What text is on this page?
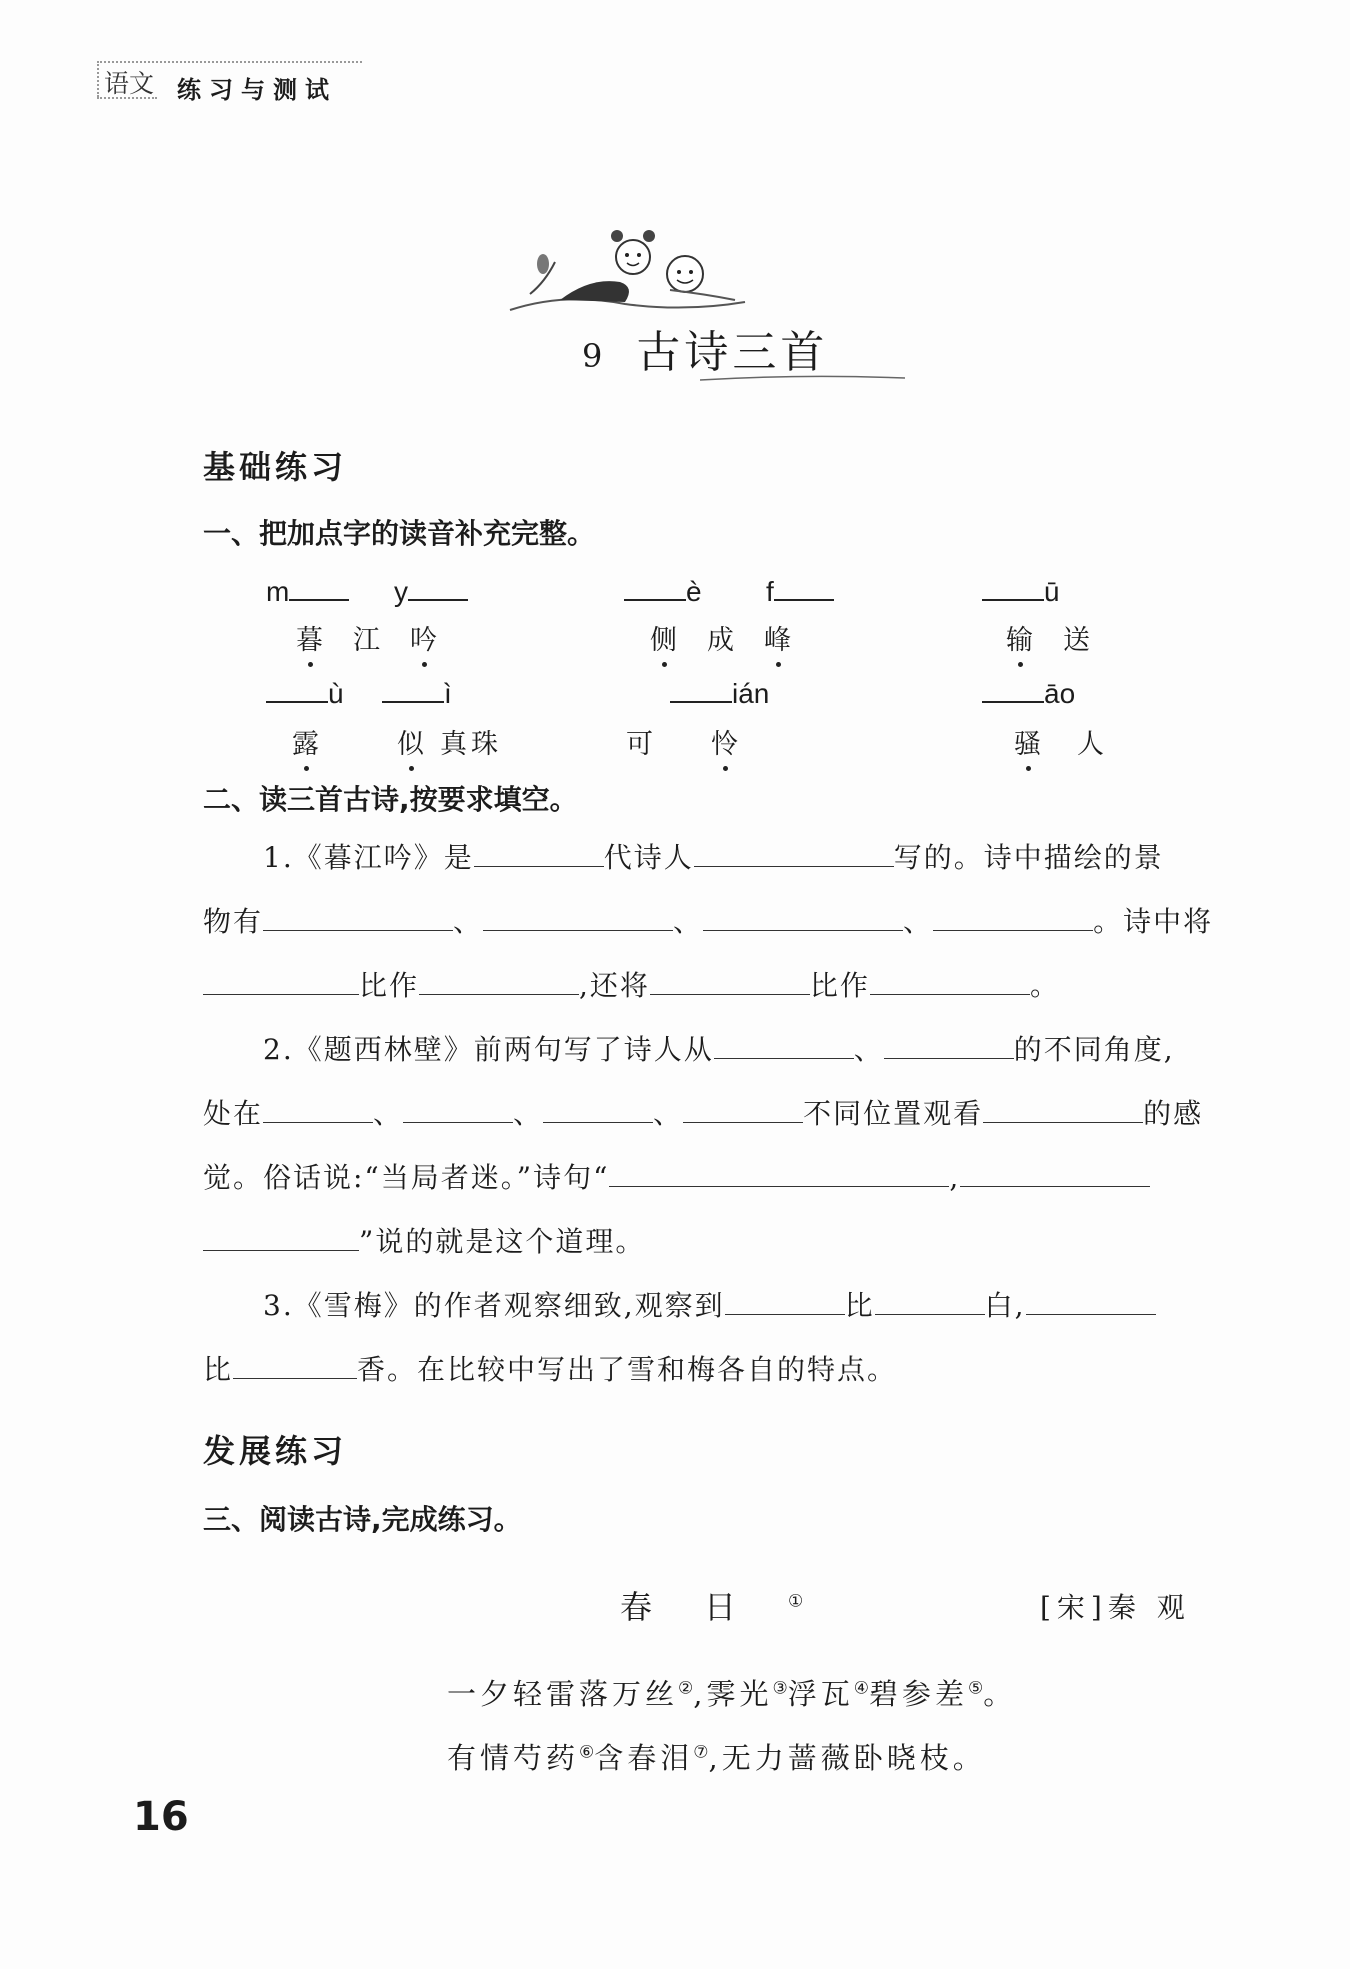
语文 练习与测试
9 古诗三首
基础练习
一、把加点字的读音补充完整。
m	y	è f	ū
暮 江 吟	侧 成 峰	输 送
ù	ì	ián	āo
露	似 真珠	可 怜	骚 人
二、读三首古诗,按要求填空。
1.《暮江吟》是	代诗人	写的。诗中描绘的景
物有	、	、	、	。诗中将
比作	,还将	比作	。
2.《题西林壁》前两句写了诗人从	、	的不同角度,
处在	、	、	、	不同位置观看	的感
觉。俗话说:“当局者迷。”诗句“	,
”说的就是这个道理。
3.《雪梅》的作者观察细致,观察到	比	白,
比	香。在比较中写出了雪和梅各自的特点。
发展练习
三、阅读古诗,完成练习。
春日①	[宋]秦 观
一夕轻雷落万丝②,霁光③浮瓦④碧参差⑤。
有情芍药⑥含春泪⑦,无力蔷薇卧晓枝。
16
